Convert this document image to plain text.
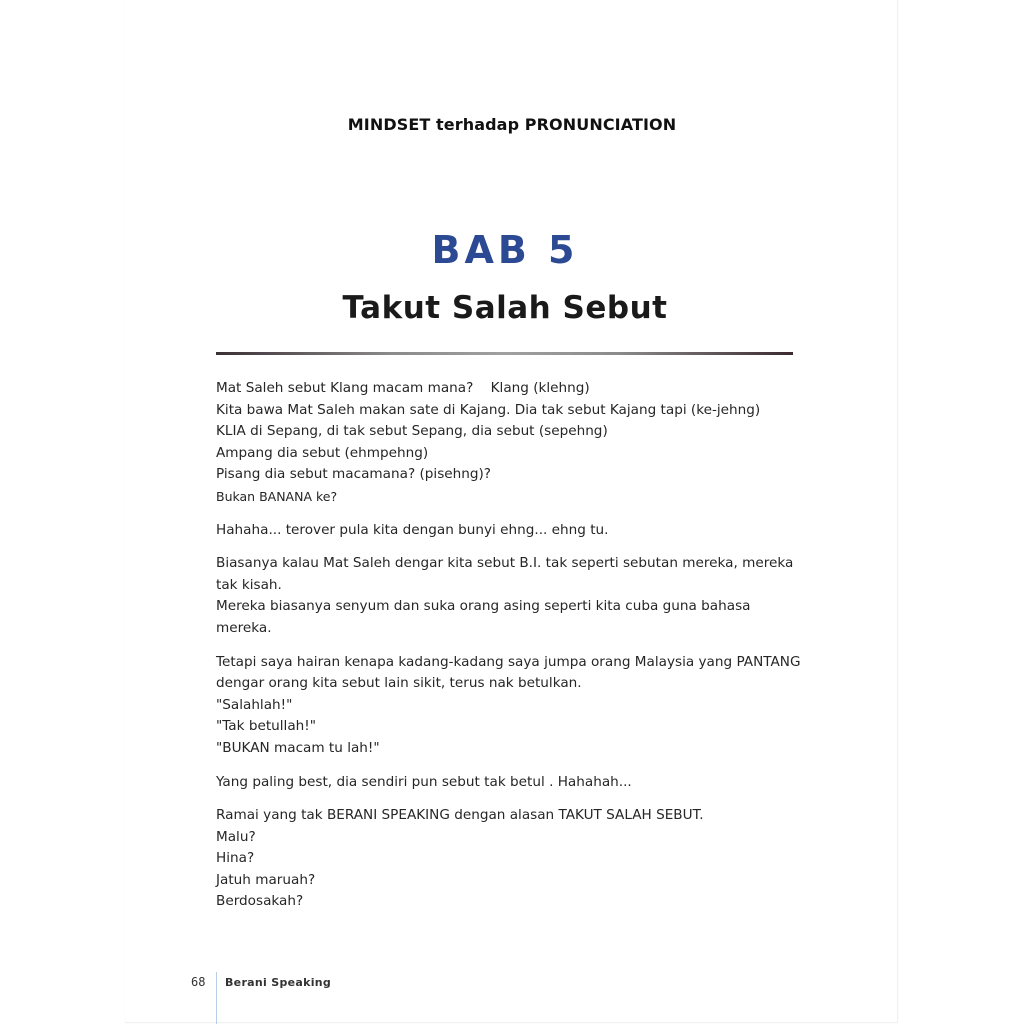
MINDSET terhadap PRONUNCIATION
BAB 5
Takut Salah Sebut
Mat Saleh sebut Klang macam mana?    Klang (klehng)
Kita bawa Mat Saleh makan sate di Kajang. Dia tak sebut Kajang tapi (ke-jehng)
KLIA di Sepang, di tak sebut Sepang, dia sebut (sepehng)
Ampang dia sebut (ehmpehng)
Pisang dia sebut macamana? (pisehng)?
Bukan BANANA ke?
Hahaha... terover pula kita dengan bunyi ehng... ehng tu.
Biasanya kalau Mat Saleh dengar kita sebut B.I. tak seperti sebutan mereka, mereka tak kisah.
Mereka biasanya senyum dan suka orang asing seperti kita cuba guna bahasa mereka.
Tetapi saya hairan kenapa kadang-kadang saya jumpa orang Malaysia yang PANTANG dengar orang kita sebut lain sikit, terus nak betulkan.
"Salahlah!"
"Tak betullah!"
"BUKAN macam tu lah!"
Yang paling best, dia sendiri pun sebut tak betul . Hahahah...
Ramai yang tak BERANI SPEAKING dengan alasan TAKUT SALAH SEBUT.
Malu?
Hina?
Jatuh maruah?
Berdosakah?
68 Berani Speaking
